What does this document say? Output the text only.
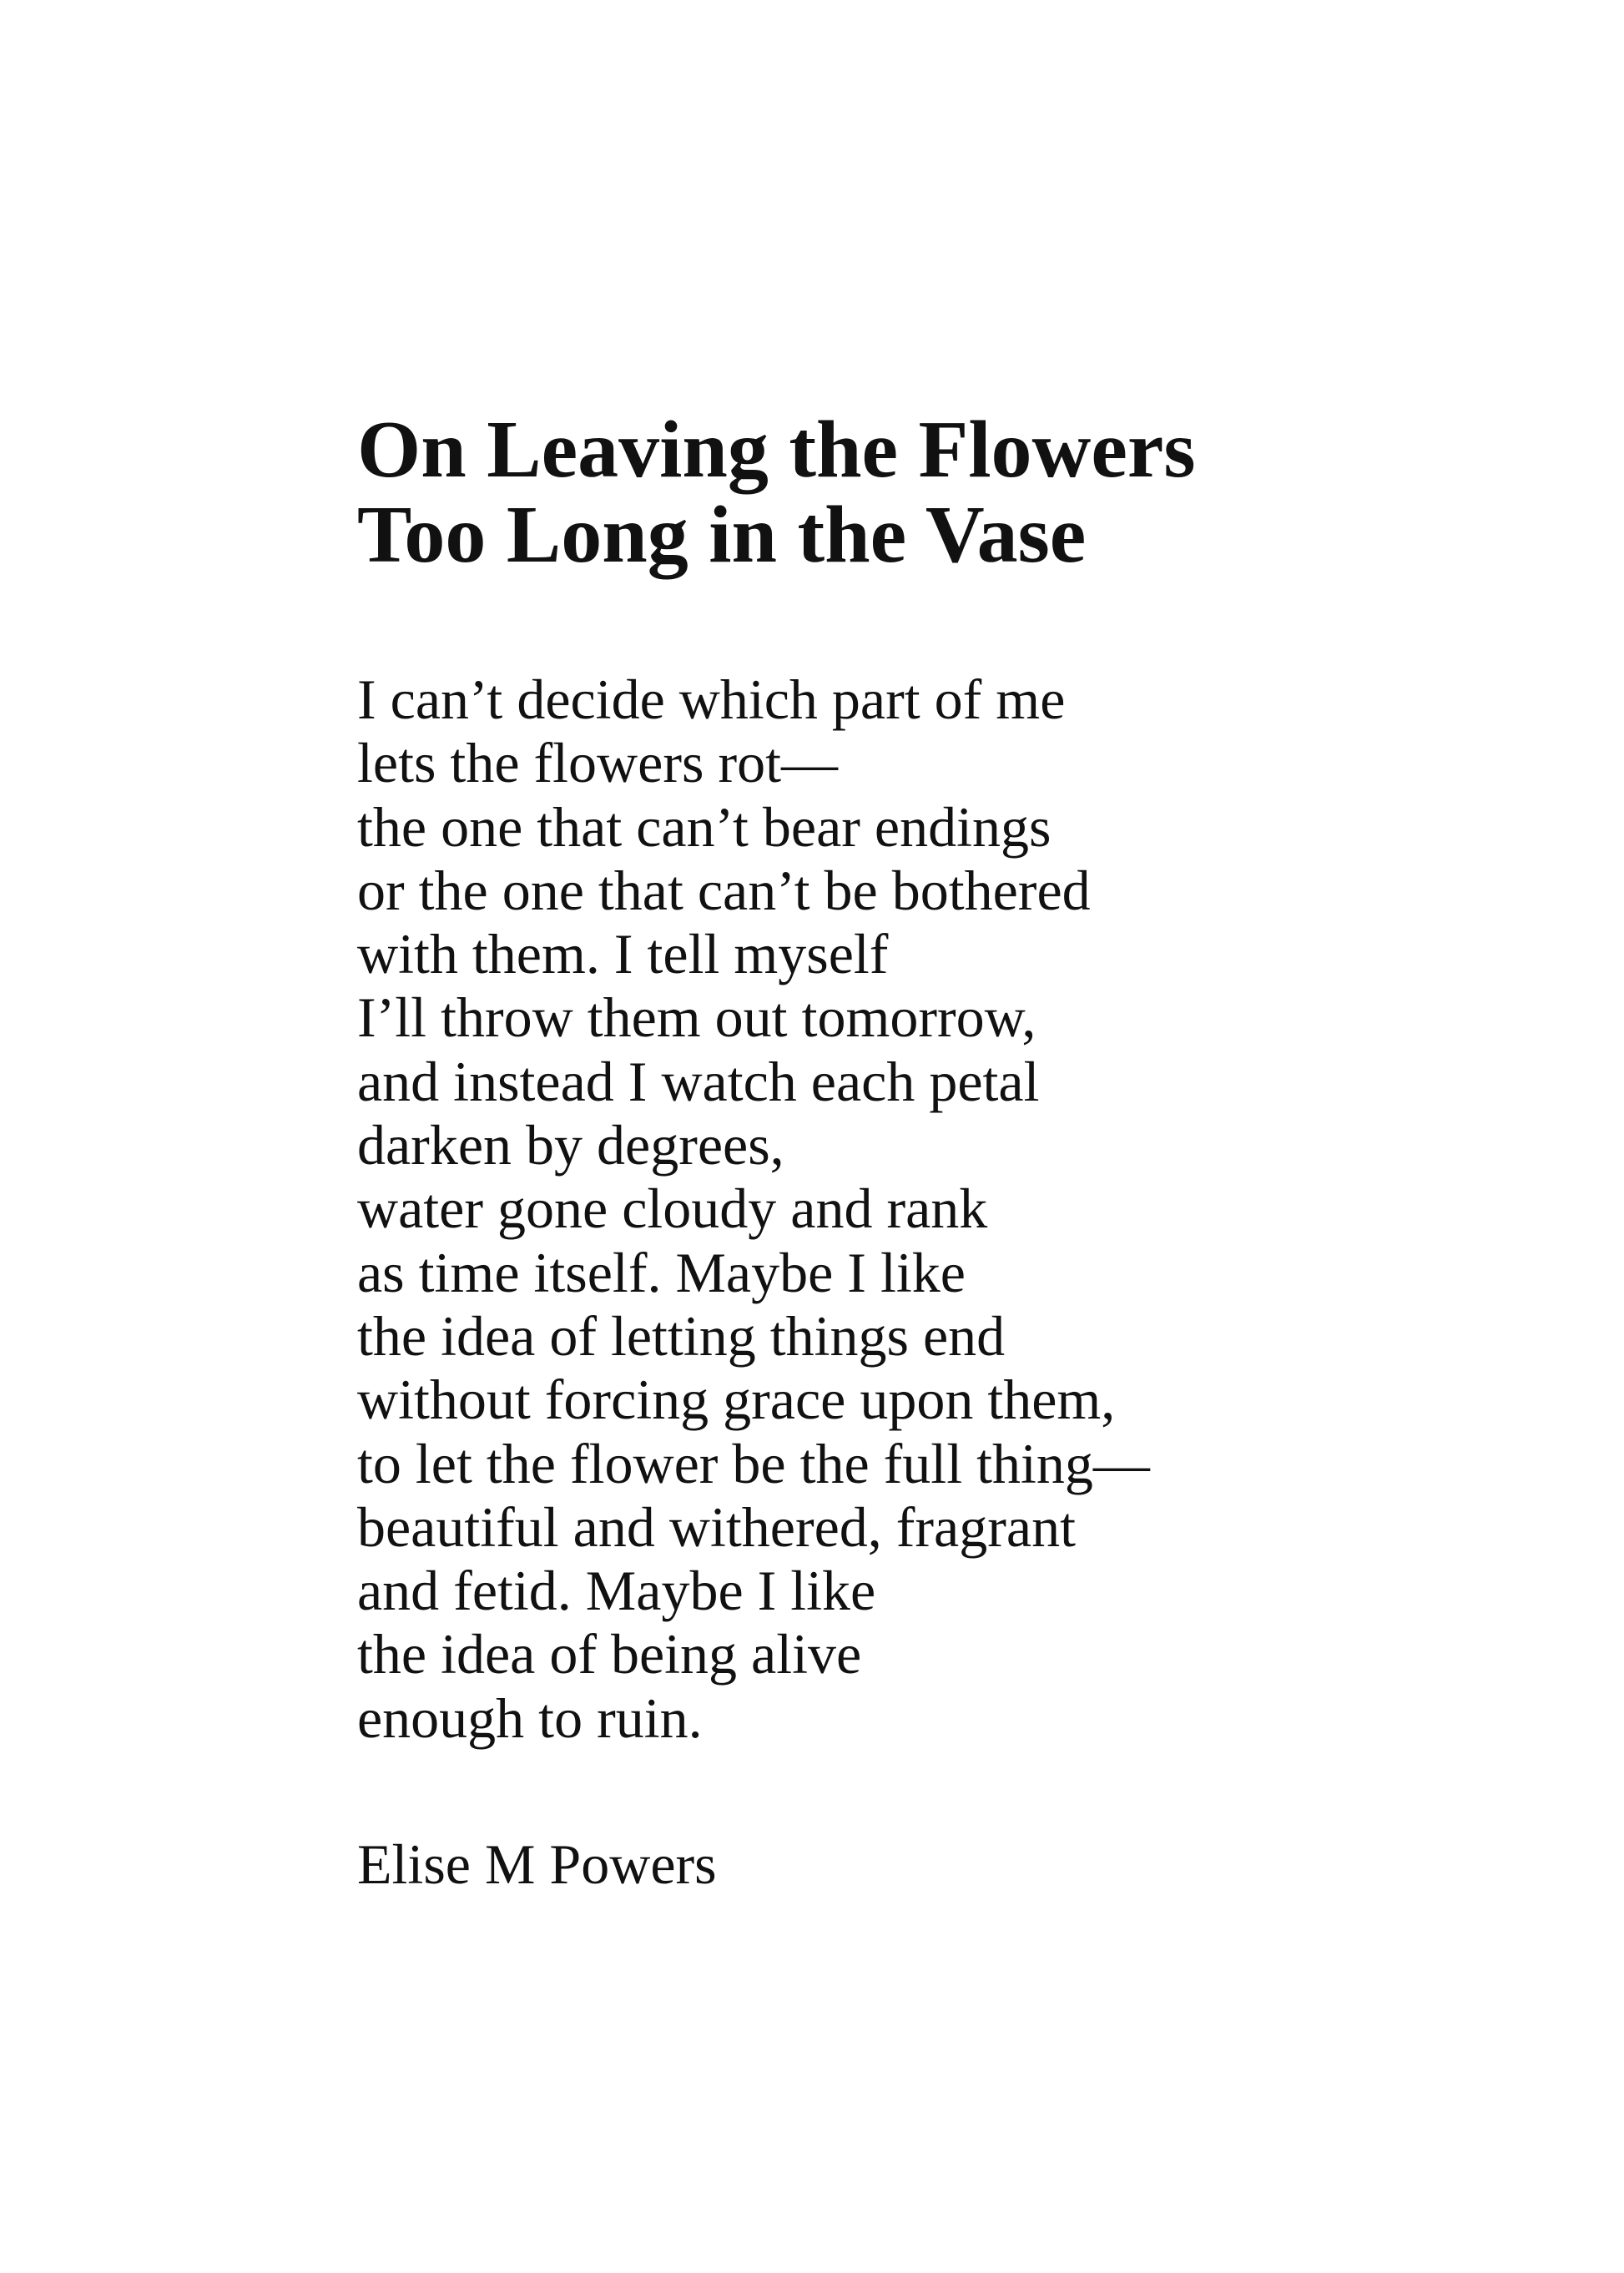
On Leaving the Flowers
Too Long in the Vase
I can’t decide which part of me
lets the flowers rot—
the one that can’t bear endings
or the one that can’t be bothered
with them. I tell myself
I’ll throw them out tomorrow,
and instead I watch each petal
darken by degrees,
water gone cloudy and rank
as time itself. Maybe I like
the idea of letting things end
without forcing grace upon them,
to let the flower be the full thing—
beautiful and withered, fragrant
and fetid. Maybe I like
the idea of being alive
enough to ruin.
Elise M Powers
